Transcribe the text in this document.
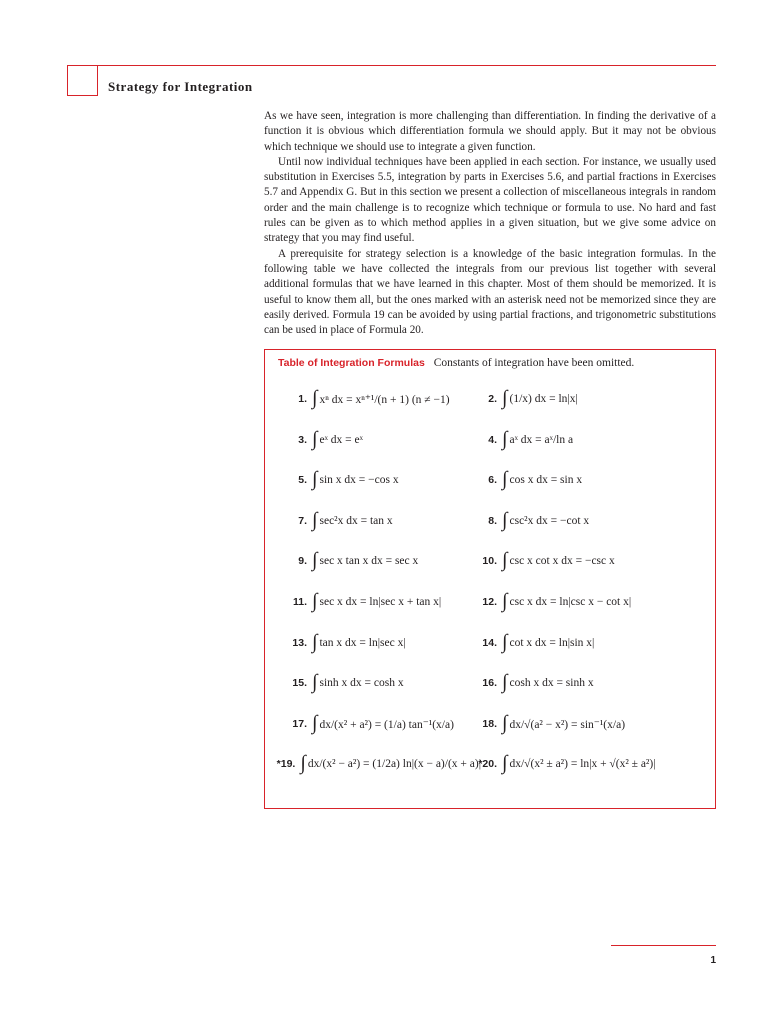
Strategy for Integration

As we have seen, integration is more challenging than differentiation. In finding the derivative of a function it is obvious which differentiation formula we should apply. But it may not be obvious which technique we should use to integrate a given function.

Until now individual techniques have been applied in each section. For instance, we usually used substitution in Exercises 5.5, integration by parts in Exercises 5.6, and partial fractions in Exercises 5.7 and Appendix G. But in this section we present a collection of miscellaneous integrals in random order and the main challenge is to recognize which technique or formula to use. No hard and fast rules can be given as to which method applies in a given situation, but we give some advice on strategy that you may find useful.

A prerequisite for strategy selection is a knowledge of the basic integration formulas. In the following table we have collected the integrals from our previous list together with several additional formulas that we have learned in this chapter. Most of them should be memorized. It is useful to know them all, but the ones marked with an asterisk need not be memorized since they are easily derived. Formula 19 can be avoided by using partial fractions, and trigonometric substitutions can be used in place of Formula 20.

Table of Integration Formulas Constants of integration have been omitted.
1. ∫ xⁿ dx = xⁿ⁺¹/(n + 1) (n ≠ −1)	2. ∫ (1/x) dx = ln|x|
3. ∫ eˣ dx = eˣ	4. ∫ aˣ dx = aˣ/ln a
5. ∫ sin x dx = −cos x	6. ∫ cos x dx = sin x
7. ∫ sec²x dx = tan x	8. ∫ csc²x dx = −cot x
9. ∫ sec x tan x dx = sec x	10. ∫ csc x cot x dx = −csc x
11. ∫ sec x dx = ln|sec x + tan x|	12. ∫ csc x dx = ln|csc x − cot x|
13. ∫ tan x dx = ln|sec x|	14. ∫ cot x dx = ln|sin x|
15. ∫ sinh x dx = cosh x	16. ∫ cosh x dx = sinh x
17. ∫ dx/(x² + a²) = (1/a) tan⁻¹(x/a)	18. ∫ dx/√(a² − x²) = sin⁻¹(x/a)
*19. ∫ dx/(x² − a²) = (1/2a) ln|(x − a)/(x + a)|
*20. ∫ dx/√(x² ± a²) = ln|x + √(x² ± a²)|
1
